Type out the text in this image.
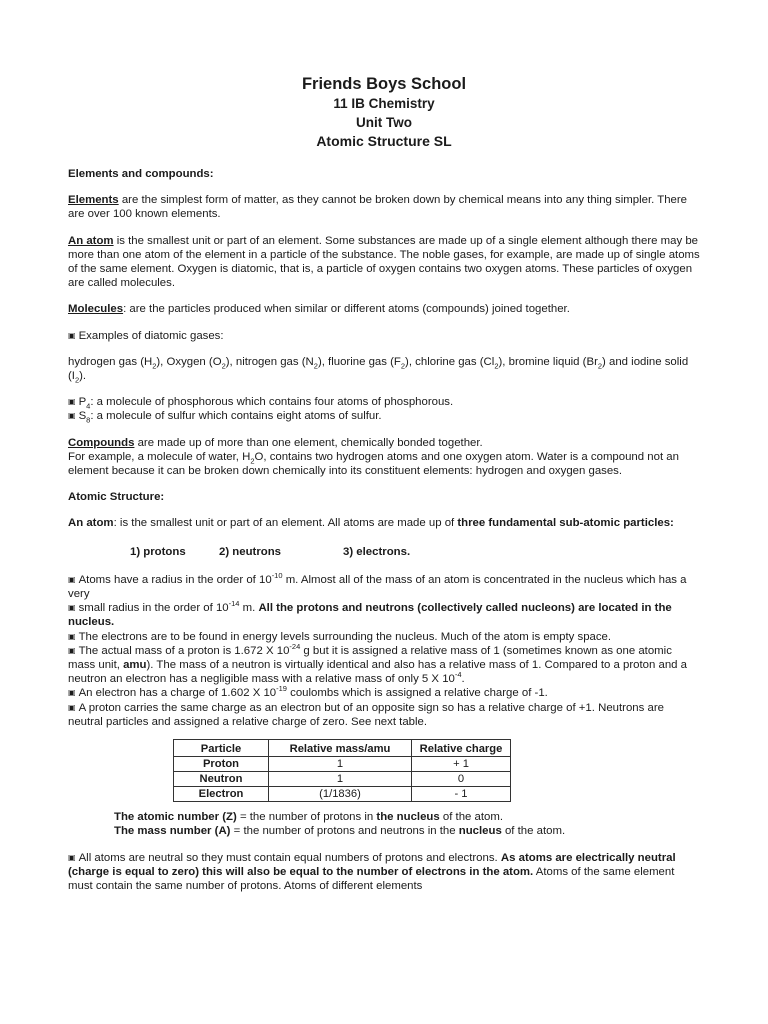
Friends Boys School
11 IB Chemistry
Unit Two
Atomic Structure SL

Elements and compounds:

Elements are the simplest form of matter, as they cannot be broken down by chemical means into any thing simpler. There are over 100 known elements.

An atom is the smallest unit or part of an element. Some substances are made up of a single element although there may be more than one atom of the element in a particle of the substance. The noble gases, for example, are made up of single atoms of the same element. Oxygen is diatomic, that is, a particle of oxygen contains two oxygen atoms. These particles of oxygen are called molecules.

Molecules: are the particles produced when similar or different atoms (compounds) joined together.

▣ Examples of diatomic gases:

hydrogen gas $(H_2)$, Oxygen $(O_2)$, nitrogen gas $(N_2)$, fluorine gas $(F_2)$, chlorine gas $(Cl_2)$, bromine liquid $(Br_2)$ and iodine solid $(I_2)$.

▣ $P_4$: a molecule of phosphorous which contains four atoms of phosphorous.

▣ $S_8$: a molecule of sulfur which contains eight atoms of sulfur.

Compounds are made up of more than one element, chemically bonded together.
For example, a molecule of water, $H_2O$, contains two hydrogen atoms and one oxygen atom. Water is a compound not an element because it can be broken down chemically into its constituent elements: hydrogen and oxygen gases.

Atomic Structure:

An atom: is the smallest unit or part of an element. All atoms are made up of three fundamental sub-atomic particles:

1) protons	2) neutrons	3) electrons.

▣ Atoms have a radius in the order of $10^{-10}$ m. Almost all of the mass of an atom is concentrated in the nucleus which has a very

▣ small radius in the order of $10^{-14}$ m. All the protons and neutrons (collectively called nucleons) are located in the nucleus.

▣ The electrons are to be found in energy levels surrounding the nucleus. Much of the atom is empty space.

▣ The actual mass of a proton is 1.672 X $10^{-24}$ g but it is assigned a relative mass of 1 (sometimes known as one atomic mass unit, amu). The mass of a neutron is virtually identical and also has a relative mass of 1. Compared to a proton and a neutron an electron has a negligible mass with a relative mass of only 5 X $10^{-4}$.

▣ An electron has a charge of 1.602 X $10^{-19}$ coulombs which is assigned a relative charge of -1.

▣ A proton carries the same charge as an electron but of an opposite sign so has a relative charge of +1. Neutrons are neutral particles and assigned a relative charge of zero. See next table.

Particle	Relative mass/amu	Relative charge
Proton	1	+ 1
Neutron	1	0
Electron	(1/1836)	- 1

The atomic number (Z) = the number of protons in the nucleus of the atom.

The mass number (A) = the number of protons and neutrons in the nucleus of the atom.

▣ All atoms are neutral so they must contain equal numbers of protons and electrons. As atoms are electrically neutral (charge is equal to zero) this will also be equal to the number of electrons in the atom. Atoms of the same element must contain the same number of protons. Atoms of different elements
